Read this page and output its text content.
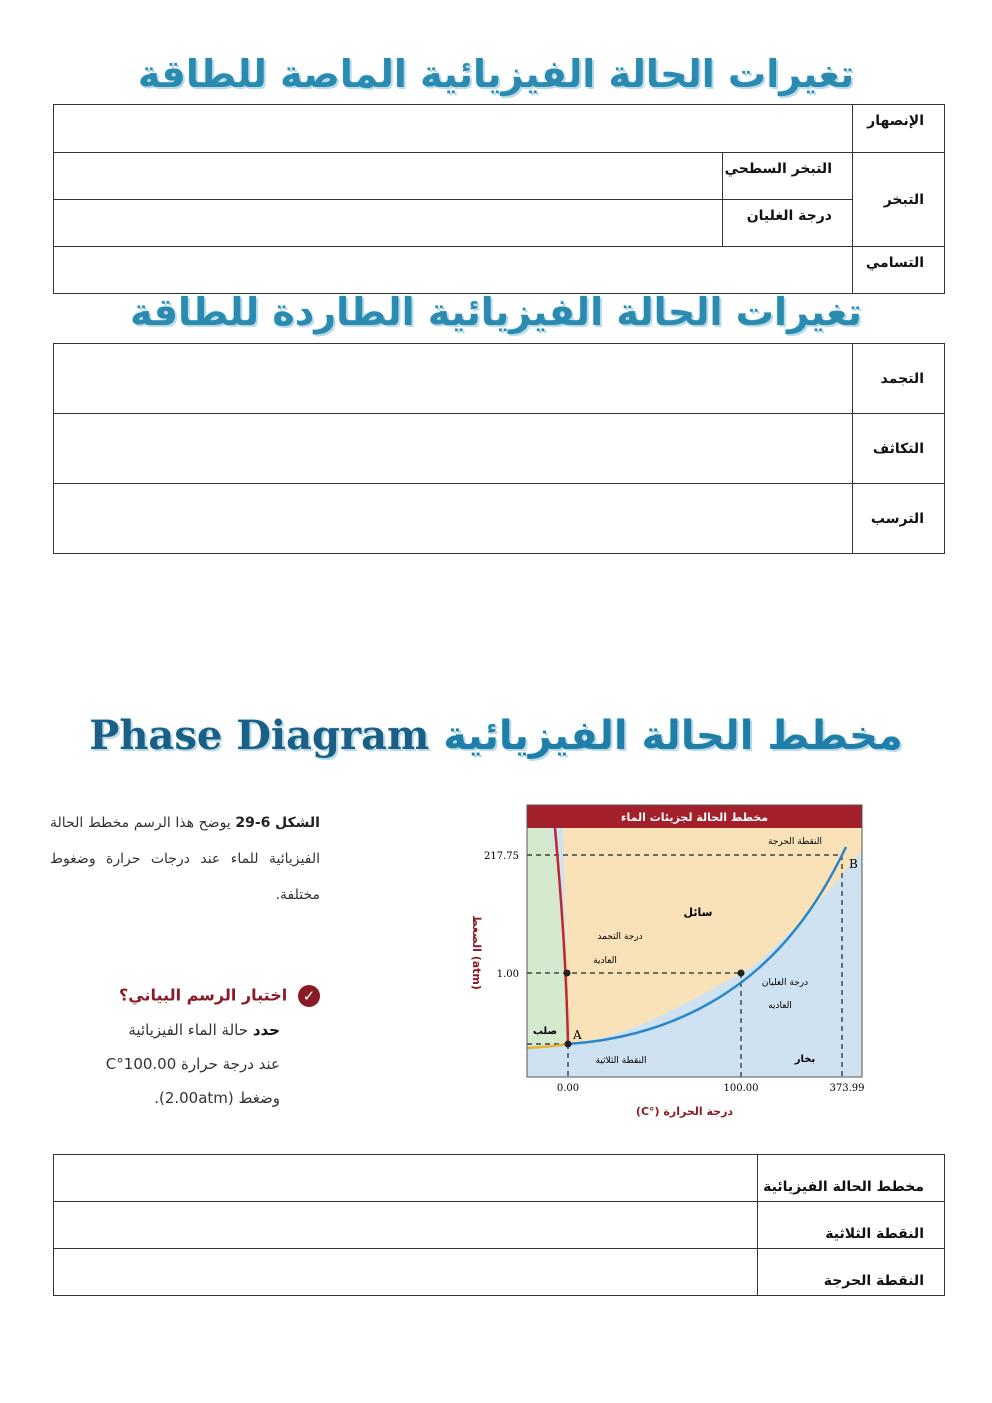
تغيرات الحالة الفيزيائية الماصة للطاقة
		الإنصهار
	التبخر السطحي	التبخر
	درجة الغليان	
		التسامي
تغيرات الحالة الفيزيائية الطاردة للطاقة
	التجمد
	التكاثف
	الترسب
مخطط الحالة الفيزيائية Phase Diagram
الشكل 6-29 يوضح هذا الرسم مخطط الحالة الفيزيائية للماء عند درجات حرارة وضغوط مختلفة.
✓ اختبار الرسم البياني؟
حدد حالة الماء الفيزيائية
عند درجة حرارة 100.00°C
وضغط (2.00atm).
مخطط الحالة لجزيئات الماء
A
B
217.75
1.00
0.00	100.00	373.99
درجة الحرارة (°C)
الضغط (atm)
سائل
صلب
بخار
النقطة الحرجة
النقطة الثلاثية
درجة التجمد
العادية
درجة الغليان
العاديه
	مخطط الحالة الفيزيائية
	النقطة الثلاثية
	النقطة الحرجة
